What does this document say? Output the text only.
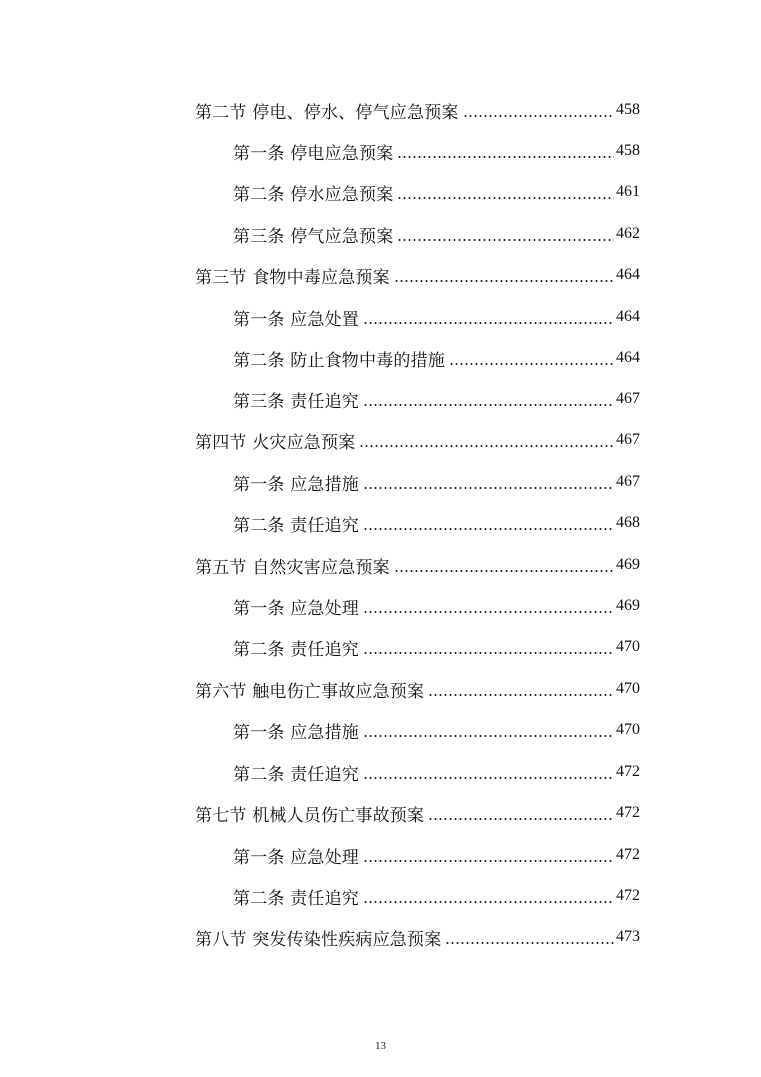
第二节 停电、停水、停气应急预案	458
第一条 停电应急预案	458
第二条 停水应急预案	461
第三条 停气应急预案	462
第三节 食物中毒应急预案	464
第一条 应急处置	464
第二条 防止食物中毒的措施	464
第三条 责任追究	467
第四节 火灾应急预案	467
第一条 应急措施	467
第二条 责任追究	468
第五节 自然灾害应急预案	469
第一条 应急处理	469
第二条 责任追究	470
第六节 触电伤亡事故应急预案	470
第一条 应急措施	470
第二条 责任追究	472
第七节 机械人员伤亡事故预案	472
第一条 应急处理	472
第二条 责任追究	472
第八节 突发传染性疾病应急预案	473
13
